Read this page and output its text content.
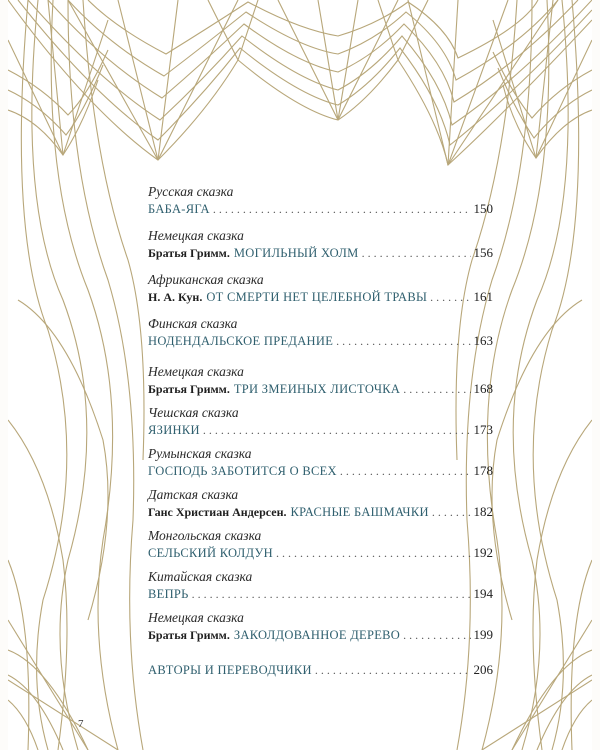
Русская сказка
БАБА-ЯГА . . .	150
Немецкая сказка
Братья Гримм. МОГИЛЬНЫЙ ХОЛМ . . .	156
Африканская сказка
Н. А. Кун. ОТ СМЕРТИ НЕТ ЦЕЛЕБНОЙ ТРАВЫ . . .	161
Финская сказка
НОДЕНДАЛЬСКОЕ ПРЕДАНИЕ . . .	163
Немецкая сказка
Братья Гримм. ТРИ ЗМЕИНЫХ ЛИСТОЧКА . . .	168
Чешская сказка
ЯЗИНКИ . . .	173
Румынская сказка
ГОСПОДЬ ЗАБОТИТСЯ О ВСЕХ . . .	178
Датская сказка
Ганс Христиан Андерсен. КРАСНЫЕ БАШМАЧКИ . . .	182
Монгольская сказка
СЕЛЬСКИЙ КОЛДУН . . .	192
Китайская сказка
ВЕПРЬ . . .	194
Немецкая сказка
Братья Гримм. ЗАКОЛДОВАННОЕ ДЕРЕВО . . .	199
АВТОРЫ И ПЕРЕВОДЧИКИ . . .	206
7
